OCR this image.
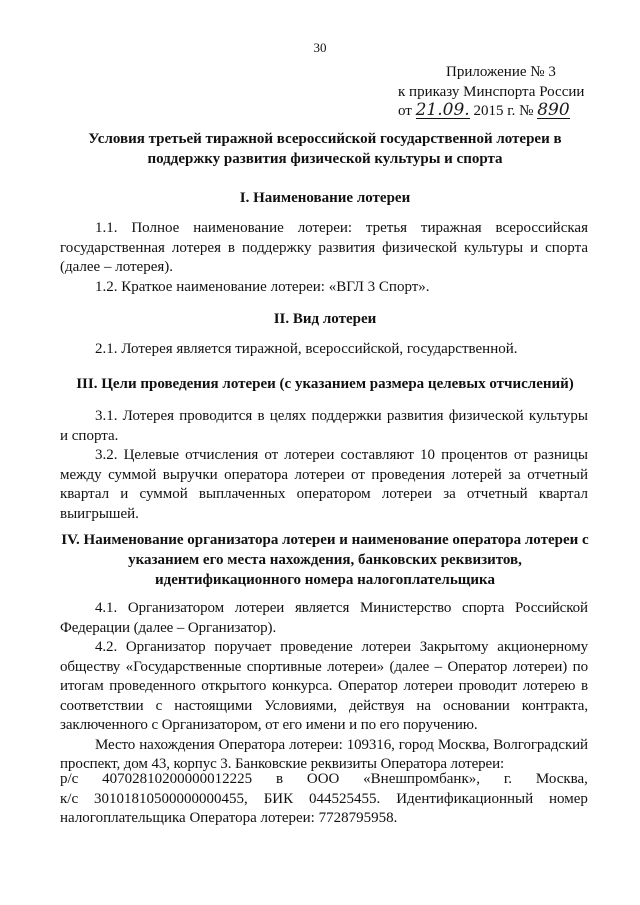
30
Приложение № 3
к приказу Минспорта России
от 21.09. 2015 г. № 890
Условия третьей тиражной всероссийской государственной лотереи в поддержку развития физической культуры и спорта
I. Наименование лотереи

1.1. Полное наименование лотереи: третья тиражная всероссийская государственная лотерея в поддержку развития физической культуры и спорта (далее – лотерея).

1.2. Краткое наименование лотереи: «ВГЛ 3 Спорт».

II. Вид лотереи

2.1. Лотерея является тиражной, всероссийской, государственной.

III. Цели проведения лотереи (с указанием размера целевых отчислений)

3.1. Лотерея проводится в целях поддержки развития физической культуры и спорта.

3.2. Целевые отчисления от лотереи составляют 10 процентов от разницы между суммой выручки оператора лотереи от проведения лотерей за отчетный квартал и суммой выплаченных оператором лотереи за отчетный квартал выигрышей.

IV. Наименование организатора лотереи и наименование оператора лотереи с указанием его места нахождения, банковских реквизитов, идентификационного номера налогоплательщика

4.1. Организатором лотереи является Министерство спорта Российской Федерации (далее – Организатор).

4.2. Организатор поручает проведение лотереи Закрытому акционерному обществу «Государственные спортивные лотереи» (далее – Оператор лотереи) по итогам проведенного открытого конкурса. Оператор лотереи проводит лотерею в соответствии с настоящими Условиями, действуя на основании контракта, заключенного с Организатором, от его имени и по его поручению.

Место нахождения Оператора лотереи: 109316, город Москва, Волгоградский проспект, дом 43, корпус 3. Банковские реквизиты Оператора лотереи:

р/с 40702810200000012225 в ООО «Внешпромбанк», г. Москва,
к/с 30101810500000000455, БИК 044525455. Идентификационный номер
налогоплательщика Оператора лотереи: 7728795958.
